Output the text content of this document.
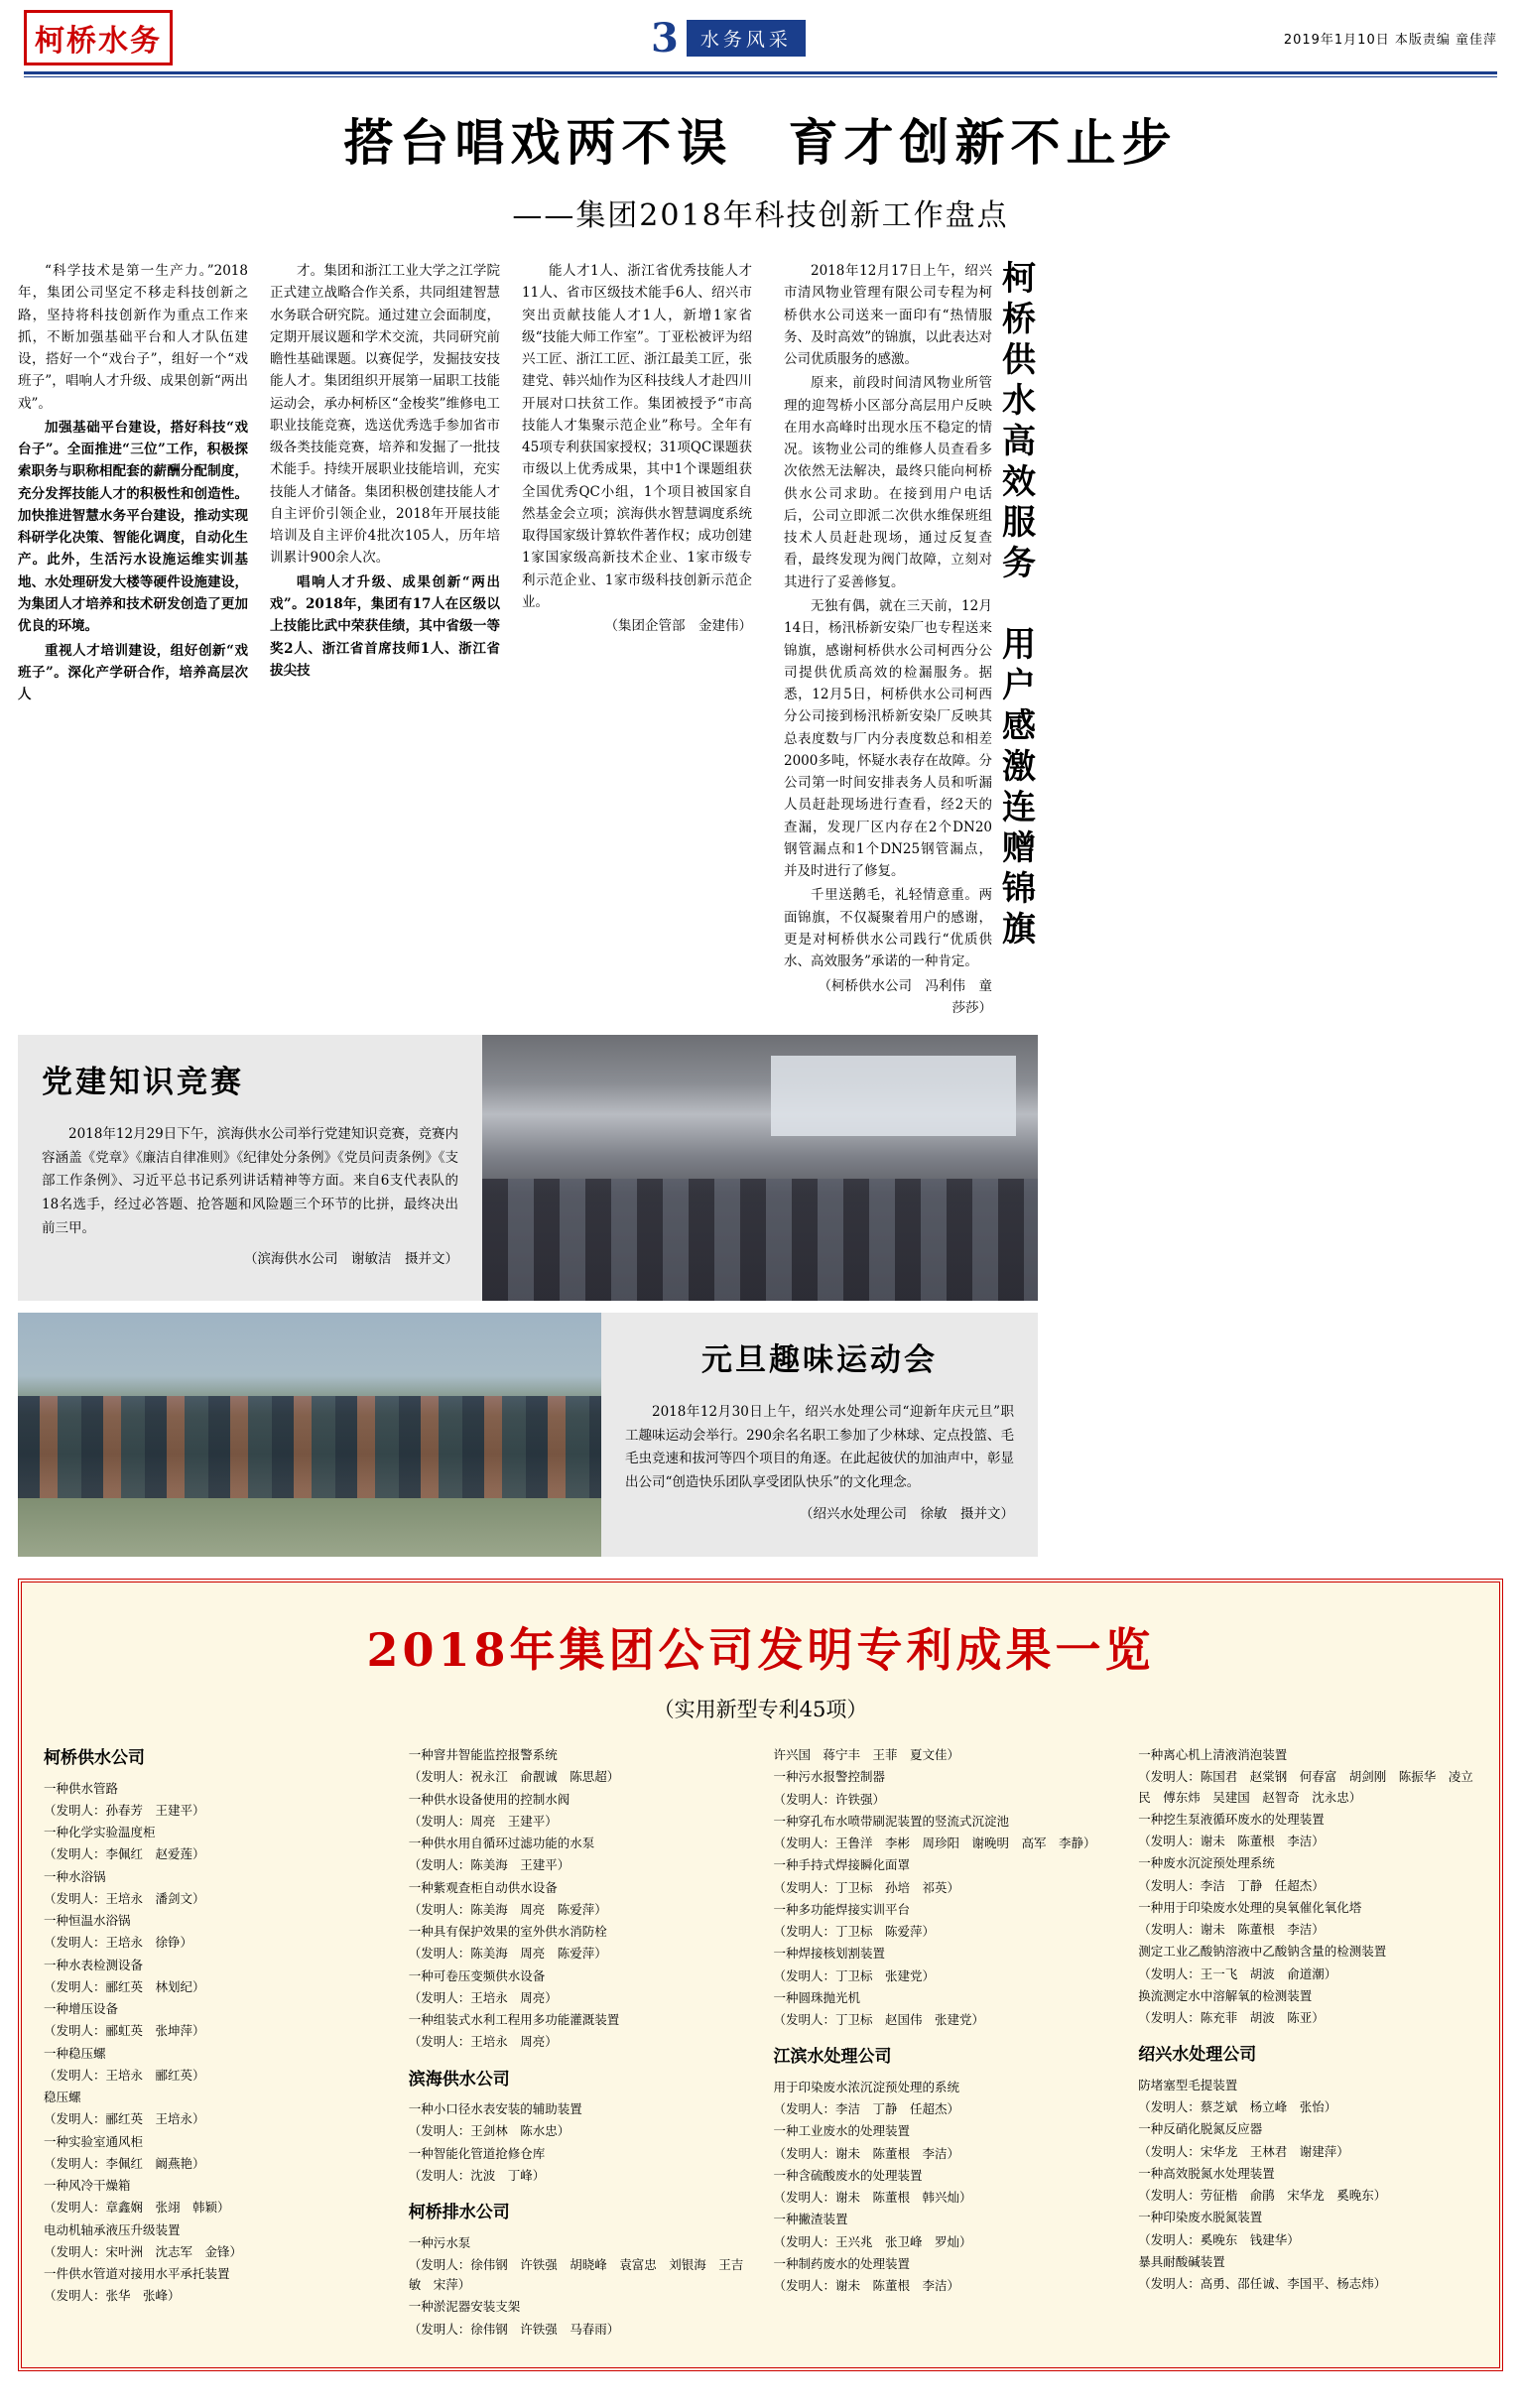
柯桥水务	3	水务风采	2019年1月10日 本版责编 童佳萍
搭台唱戏两不误　育才创新不止步
——集团2018年科技创新工作盘点

“科学技术是第一生产力。”2018年，集团公司坚定不移走科技创新之路，坚持将科技创新作为重点工作来抓，不断加强基础平台和人才队伍建设，搭好一个“戏台子”，组好一个“戏班子”，唱响人才升级、成果创新“两出戏”。

加强基础平台建设，搭好科技“戏台子”。全面推进“三位”工作，积极探索职务与职称相配套的薪酬分配制度，充分发挥技能人才的积极性和创造性。加快推进智慧水务平台建设，推动实现科研学化决策、智能化调度，自动化生产。此外，生活污水设施运维实训基地、水处理研发大楼等硬件设施建设，为集团人才培养和技术研发创造了更加优良的环境。

重视人才培训建设，组好创新“戏班子”。深化产学研合作，培养高层次人

才。集团和浙江工业大学之江学院正式建立战略合作关系，共同组建智慧水务联合研究院。通过建立会面制度，定期开展议题和学术交流，共同研究前瞻性基础课题。以赛促学，发掘技安技能人才。集团组织开展第一届职工技能运动会，承办柯桥区“金梭奖”维修电工职业技能竞赛，选送优秀选手参加省市级各类技能竞赛，培养和发掘了一批技术能手。持续开展职业技能培训，充实技能人才储备。集团积极创建技能人才自主评价引领企业，2018年开展技能培训及自主评价4批次105人，历年培训累计900余人次。

唱响人才升级、成果创新“两出戏”。2018年，集团有17人在区级以上技能比武中荣获佳绩，其中省级一等奖2人、浙江省首席技师1人、浙江省拔尖技

能人才1人、浙江省优秀技能人才11人、省市区级技术能手6人、绍兴市突出贡献技能人才1人，新增1家省级“技能大师工作室”。丁亚松被评为绍兴工匠、浙江工匠、浙江最美工匠，张建党、韩兴灿作为区科技线人才赴四川开展对口扶贫工作。集团被授予“市高技能人才集聚示范企业”称号。全年有45项专利获国家授权；31项QC课题获市级以上优秀成果，其中1个课题组获全国优秀QC小组，1个项目被国家自然基金会立项；滨海供水智慧调度系统取得国家级计算软件著作权；成功创建1家国家级高新技术企业、1家市级专利示范企业、1家市级科技创新示范企业。

（集团企管部　金建伟）	柯桥供水高效服务　用户感激连赠锦旗

2018年12月17日上午，绍兴市清风物业管理有限公司专程为柯桥供水公司送来一面印有“热情服务、及时高效”的锦旗，以此表达对公司优质服务的感激。

原来，前段时间清风物业所管理的迎驾桥小区部分高层用户反映在用水高峰时出现水压不稳定的情况。该物业公司的维修人员查看多次依然无法解决，最终只能向柯桥供水公司求助。在接到用户电话后，公司立即派二次供水维保班组技术人员赶赴现场，通过反复查看，最终发现为阀门故障，立刻对其进行了妥善修复。

无独有偶，就在三天前，12月14日，杨汛桥新安染厂也专程送来锦旗，感谢柯桥供水公司柯西分公司提供优质高效的检漏服务。据悉，12月5日，柯桥供水公司柯西分公司接到杨汛桥新安染厂反映其总表度数与厂内分表度数总和相差2000多吨，怀疑水表存在故障。分公司第一时间安排表务人员和听漏人员赶赴现场进行查看，经2天的查漏，发现厂区内存在2个DN20钢管漏点和1个DN25钢管漏点，并及时进行了修复。

千里送鹅毛，礼轻情意重。两面锦旗，不仅凝聚着用户的感谢，更是对柯桥供水公司践行“优质供水、高效服务”承诺的一种肯定。

（柯桥供水公司　冯利伟　童莎莎）

党建知识竞赛

2018年12月29日下午，滨海供水公司举行党建知识竞赛，竞赛内容涵盖《党章》《廉洁自律准则》《纪律处分条例》《党员问责条例》《支部工作条例》、习近平总书记系列讲话精神等方面。来自6支代表队的18名选手，经过必答题、抢答题和风险题三个环节的比拼，最终决出前三甲。

（滨海供水公司　谢敏洁　摄并文）

元旦趣味运动会

2018年12月30日上午，绍兴水处理公司“迎新年庆元旦”职工趣味运动会举行。290余名名职工参加了少林球、定点投篮、毛毛虫竞速和拔河等四个项目的角逐。在此起彼伏的加油声中，彰显出公司“创造快乐团队享受团队快乐”的文化理念。

（绍兴水处理公司　徐敏　摄并文）

2018年集团公司发明专利成果一览
（实用新型专利45项）
柯桥供水公司
一种供水管路
（发明人：孙春芳　王建平）
一种化学实验温度柜
（发明人：李佩红　赵爱莲）
一种水浴锅
（发明人：王培永　潘剑文）
一种恒温水浴锅
（发明人：王培永　徐铮）
一种水表检测设备
（发明人：郦红英　林划纪）
一种增压设备
（发明人：郦虹英　张坤萍）
一种稳压螺
（发明人：王培永　郦红英）
稳压螺
（发明人：郦红英　王培永）
一种实验室通风柜
（发明人：李佩红　阚燕艳）
一种风冷干燥箱
（发明人：章鑫娴　张翊　韩颖）
电动机轴承液压升级装置
（发明人：宋叶洲　沈志军　金锋）
一件供水管道对接用水平承托装置
（发明人：张华　张峰）
一种窨井智能监控报警系统
（发明人：祝永江　俞靓诚　陈思超）
一种供水设备使用的控制水阀
（发明人：周亮　王建平）
一种供水用自循环过滤功能的水泵
（发明人：陈美海　王建平）
一种紫观查柜自动供水设备
（发明人：陈美海　周亮　陈爱萍）
一种具有保护效果的室外供水消防栓
（发明人：陈美海　周亮　陈爱萍）
一种可卷压变频供水设备
（发明人：王培永　周亮）
一种组装式水利工程用多功能灌溉装置
（发明人：王培永　周亮）
滨海供水公司
一种小口径水表安装的辅助装置
（发明人：王剑林　陈水忠）
一种智能化管道抢修仓库
（发明人：沈波　丁峰）
柯桥排水公司
一种污水泵
（发明人：徐伟钢　许铁强　胡晓峰　袁富忠　刘银海　王吉敏　宋萍）
一种淤泥器安装支架
（发明人：徐伟钢　许铁强　马春雨）
许兴国　蒋宁丰　王菲　夏文佳）
一种污水报警控制器
（发明人：许铁强）
一种穿孔布水喷带刷泥装置的竖流式沉淀池
（发明人：王鲁洋　李彬　周珍阳　谢晚明　高军　李静）
一种手持式焊接瞬化面罩
（发明人：丁卫标　孙培　祁英）
一种多功能焊接实训平台
（发明人：丁卫标　陈爱萍）
一种焊接核划割装置
（发明人：丁卫标　张建党）
一种圆珠抛光机
（发明人：丁卫标　赵国伟　张建党）
江滨水处理公司
用于印染废水浓沉淀预处理的系统
（发明人：李洁　丁静　任超杰）
一种工业废水的处理装置
（发明人：谢未　陈董根　李洁）
一种含硫酸废水的处理装置
（发明人：谢未　陈董根　韩兴灿）
一种撇渣装置
（发明人：王兴兆　张卫峰　罗灿）
一种制药废水的处理装置
（发明人：谢未　陈董根　李洁）
一种离心机上清液消泡装置
（发明人：陈国君　赵棠钢　何春富　胡剑刚　陈振华　凌立民　傅东炜　吴建国　赵智奇　沈永忠）
一种挖生泵液循环废水的处理装置
（发明人：谢未　陈董根　李洁）
一种废水沉淀预处理系统
（发明人：李洁　丁静　任超杰）
一种用于印染废水处理的臭氧催化氧化塔
（发明人：谢未　陈董根　李洁）
测定工业乙酸钠溶液中乙酸钠含量的检测装置
（发明人：王一飞　胡波　俞道潮）
换流测定水中溶解氧的检测装置
（发明人：陈充菲　胡波　陈亚）
绍兴水处理公司
防堵塞型毛提装置
（发明人：蔡芝斌　杨立峰　张怡）
一种反硝化脱氮反应器
（发明人：宋华龙　王林君　谢建萍）
一种高效脱氮水处理装置
（发明人：劳征楷　俞鹃　宋华龙　奚晚东）
一种印染废水脱氮装置
（发明人：奚晚东　钱建华）
暴具耐酸碱装置
（发明人：高勇、邵任诚、李国平、杨志炜）
